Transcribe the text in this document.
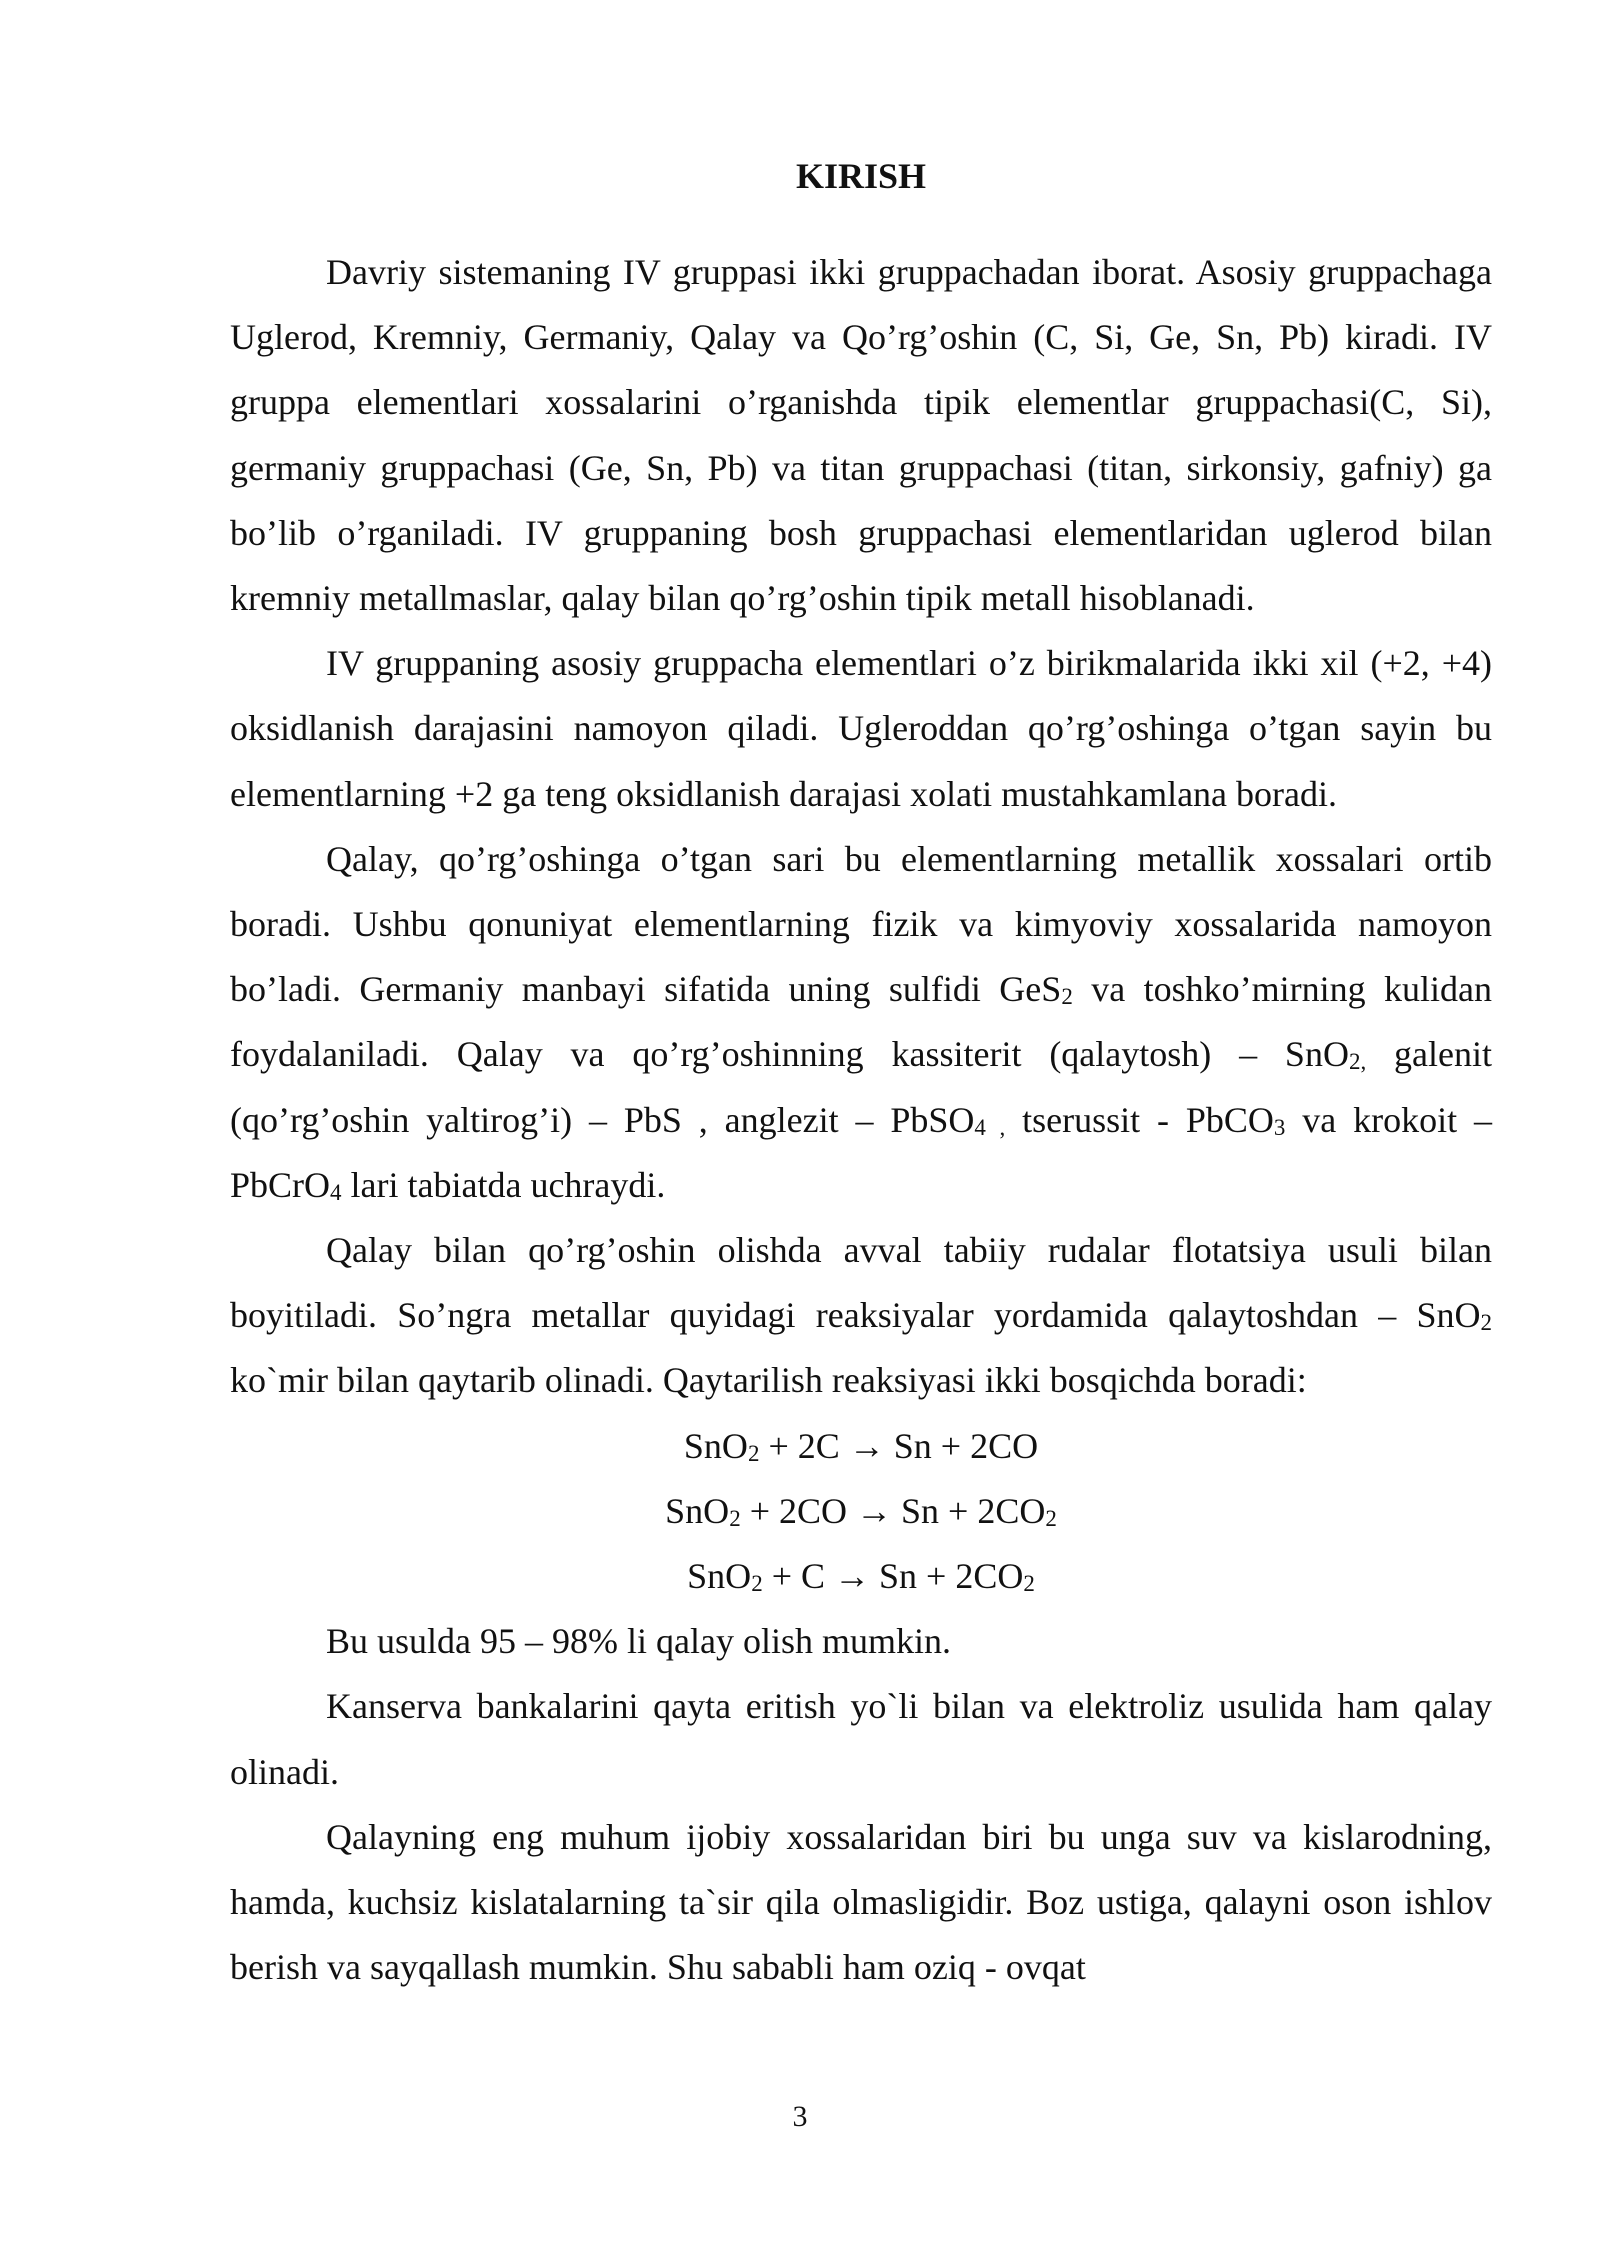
KIRISH

Davriy sistemaning IV gruppasi ikki gruppachadan iborat. Asosiy gruppachaga Uglerod, Kremniy, Germaniy, Qalay va Qo’rg’oshin (C, Si, Ge, Sn, Pb) kiradi. IV gruppa elementlari xossalarini o’rganishda tipik elementlar gruppachasi(C, Si), germaniy gruppachasi (Ge, Sn, Pb) va titan gruppachasi (titan, sirkonsiy, gafniy) ga bo’lib o’rganiladi. IV gruppaning bosh gruppachasi elementlaridan uglerod bilan kremniy metallmaslar, qalay bilan qo’rg’oshin tipik metall hisoblanadi.

IV gruppaning asosiy gruppacha elementlari o’z birikmalarida ikki xil (+2, +4) oksidlanish darajasini namoyon qiladi. Ugleroddan qo’rg’oshinga o’tgan sayin bu elementlarning +2 ga teng oksidlanish darajasi xolati mustahkamlana boradi.

Qalay, qo’rg’oshinga o’tgan sari bu elementlarning metallik xossalari ortib boradi. Ushbu qonuniyat elementlarning fizik va kimyoviy xossalarida namoyon bo’ladi. Germaniy manbayi sifatida uning sulfidi GeS$_2$ va toshko’mirning kulidan foydalaniladi. Qalay va qo’rg’oshinning kassiterit (qalaytosh) – SnO$_{2,}$ galenit (qo’rg’oshin yaltirog’i) – PbS , anglezit – PbSO$_{4 ,}$ tserussit - PbCO$_3$ va krokoit – PbCrO$_4$ lari tabiatda uchraydi.

Qalay bilan qo’rg’oshin olishda avval tabiiy rudalar flotatsiya usuli bilan boyitiladi. So’ngra metallar quyidagi reaksiyalar yordamida qalaytoshdan – SnO$_2$ ko`mir bilan qaytarib olinadi. Qaytarilish reaksiyasi ikki bosqichda boradi:

SnO$_2$ + 2C → Sn + 2CO
$SnO_2 + 2CO \to Sn + 2CO_2$
$SnO_2 + C \to Sn + 2CO_2$

Bu usulda 95 – 98% li qalay olish mumkin.

Kanserva bankalarini qayta eritish yo`li bilan va elektroliz usulida ham qalay olinadi.

Qalayning eng muhum ijobiy xossalaridan biri bu unga suv va kislarodning, hamda, kuchsiz kislatalarning ta`sir qila olmasligidir. Boz ustiga, qalayni oson ishlov berish va sayqallash mumkin. Shu sababli ham oziq - ovqat

3
